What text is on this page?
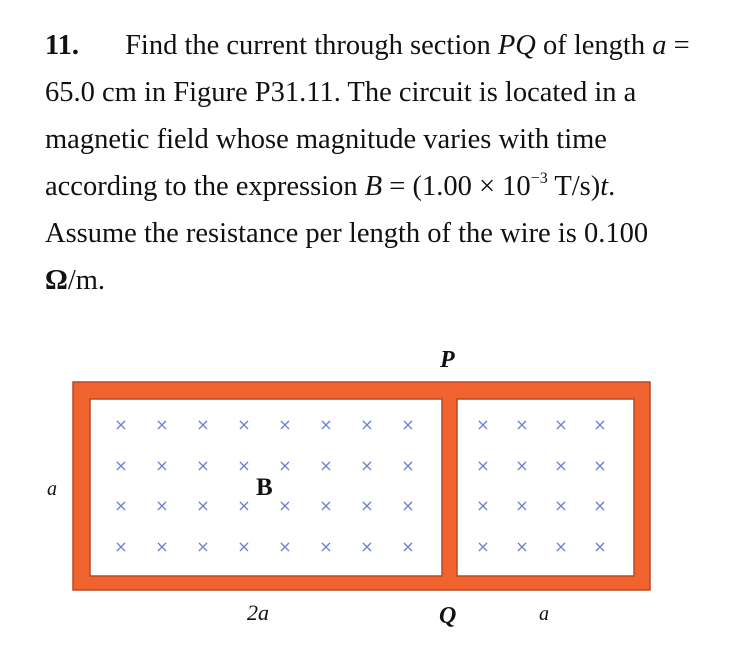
11. Find the current through section PQ of length a = 65.0 cm in Figure P31.11. The circuit is located in a magnetic field whose magnitude varies with time according to the expression $B = (1.00 \times 10^{-3}$ T/s)t. Assume the resistance per length of the wire is 0.100 Ω/m.

× × × × × × × ×	× × × ×
× × × × × × × ×	× × × ×
× × × × × × × ×	× × × ×
× × × × × × × ×	× × × ×
B
P
Q
a
2a	a
